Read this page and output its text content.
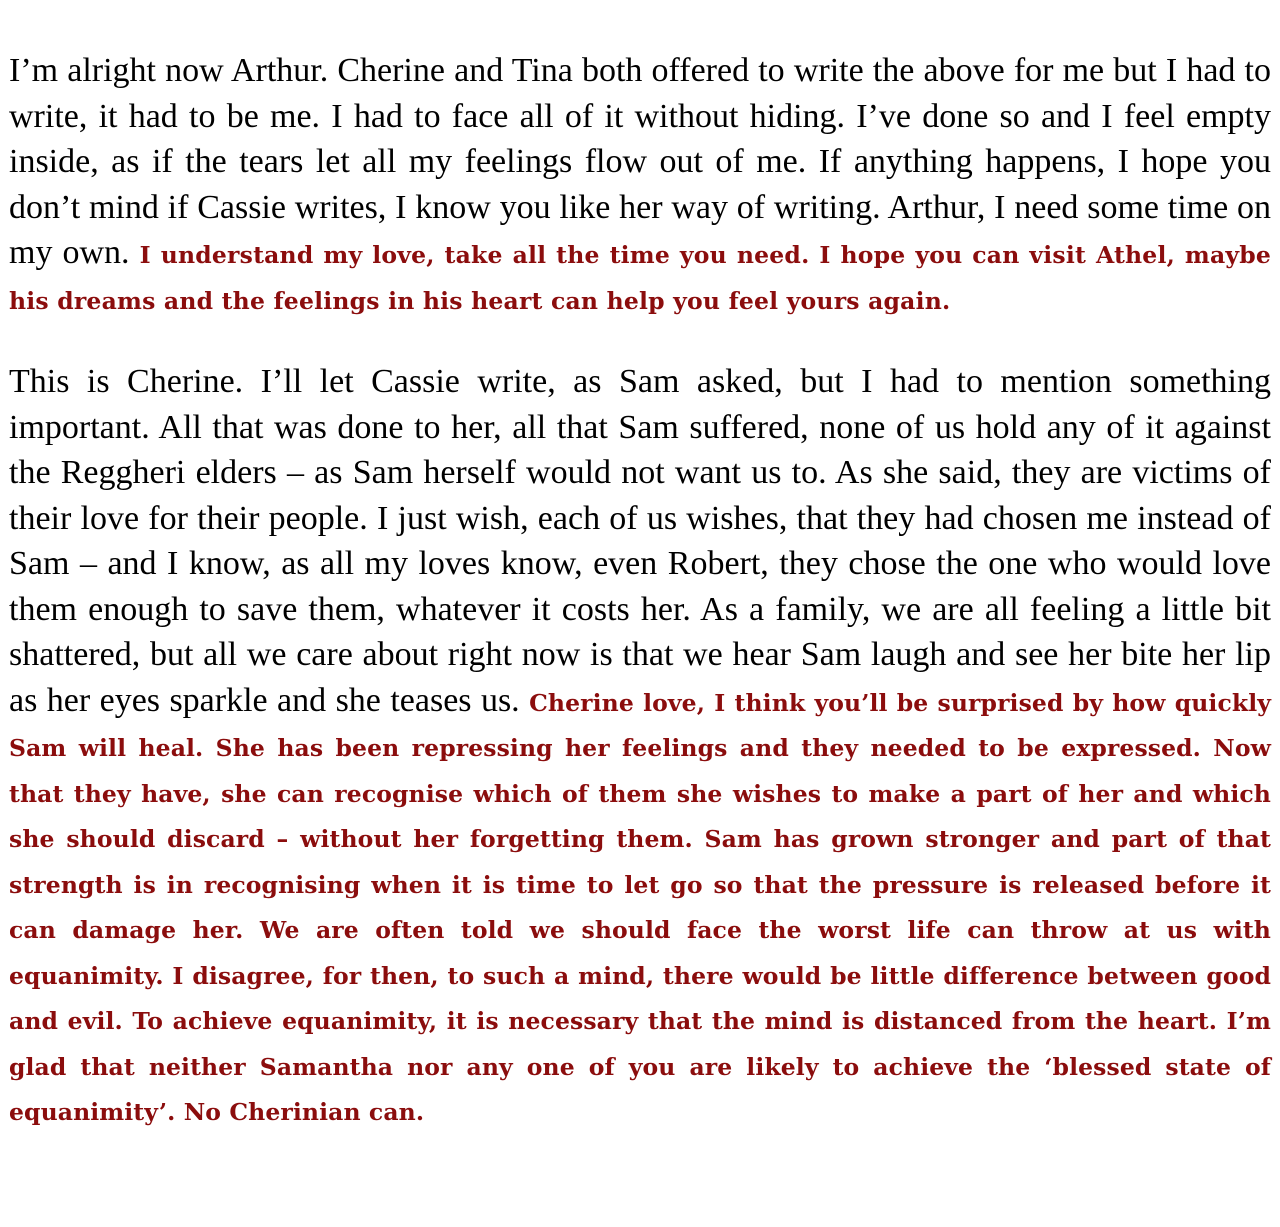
I’m alright now Arthur. Cherine and Tina both offered to write the above for me but I had to write, it had to be me. I had to face all of it without hiding. I’ve done so and I feel empty inside, as if the tears let all my feelings flow out of me. If anything happens, I hope you don’t mind if Cassie writes, I know you like her way of writing. Arthur, I need some time on my own. I understand my love, take all the time you need. I hope you can visit Athel, maybe his dreams and the feelings in his heart can help you feel yours again.

This is Cherine. I’ll let Cassie write, as Sam asked, but I had to mention something important. All that was done to her, all that Sam suffered, none of us hold any of it against the Reggheri elders – as Sam herself would not want us to. As she said, they are victims of their love for their people. I just wish, each of us wishes, that they had chosen me instead of Sam – and I know, as all my loves know, even Robert, they chose the one who would love them enough to save them, whatever it costs her. As a family, we are all feeling a little bit shattered, but all we care about right now is that we hear Sam laugh and see her bite her lip as her eyes sparkle and she teases us. Cherine love, I think you’ll be surprised by how quickly Sam will heal. She has been repressing her feelings and they needed to be expressed. Now that they have, she can recognise which of them she wishes to make a part of her and which she should discard – without her forgetting them. Sam has grown stronger and part of that strength is in recognising when it is time to let go so that the pressure is released before it can damage her. We are often told we should face the worst life can throw at us with equanimity. I disagree, for then, to such a mind, there would be little difference between good and evil. To achieve equanimity, it is necessary that the mind is distanced from the heart. I’m glad that neither Samantha nor any one of you are likely to achieve the ‘blessed state of equanimity’. No Cherinian can.
